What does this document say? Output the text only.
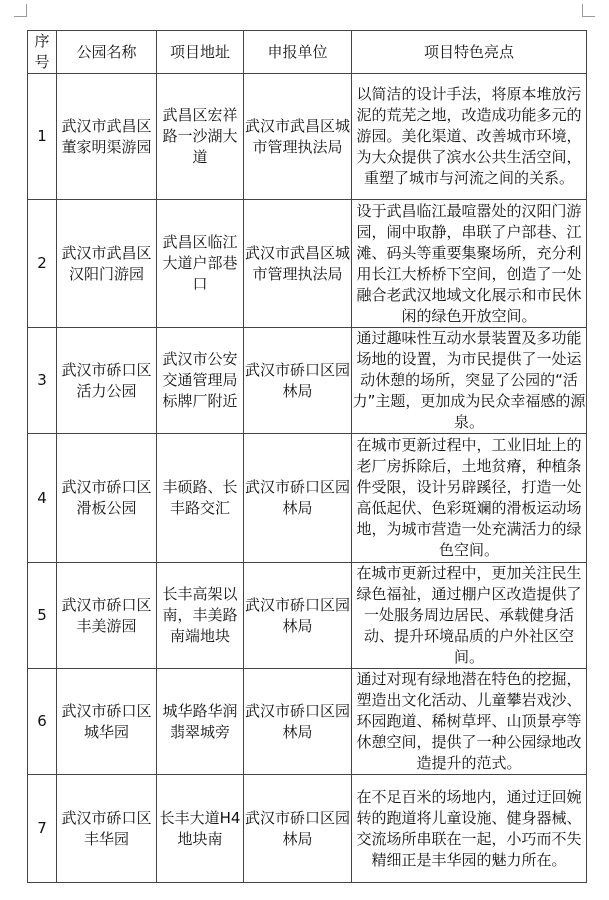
序号	公园名称	项目地址	申报单位	项目特色亮点
1	武汉市武昌区董家明渠游园	武昌区宏祥路一沙湖大道	武汉市武昌区城市管理执法局	以简洁的设计手法，将原本堆放污泥的荒芜之地，改造成功能多元的游园。美化渠道、改善城市环境，为大众提供了滨水公共生活空间，重塑了城市与河流之间的关系。
2	武汉市武昌区汉阳门游园	武昌区临江大道户部巷口	武汉市武昌区城市管理执法局	设于武昌临江最喧嚣处的汉阳门游园，闹中取静，串联了户部巷、江滩、码头等重要集聚场所，充分利用长江大桥桥下空间，创造了一处融合老武汉地域文化展示和市民休闲的绿色开放空间。
3	武汉市硚口区活力公园	武汉市公安交通管理局标牌厂附近	武汉市硚口区园林局	通过趣味性互动水景装置及多功能场地的设置，为市民提供了一处运动休憩的场所，突显了公园的“活力”主题，更加成为民众幸福感的源泉。
4	武汉市硚口区滑板公园	丰硕路、长丰路交汇	武汉市硚口区园林局	在城市更新过程中，工业旧址上的老厂房拆除后，土地贫瘠，种植条件受限，设计另辟蹊径，打造一处高低起伏、色彩斑斓的滑板运动场地，为城市营造一处充满活力的绿色空间。
5	武汉市硚口区丰美游园	长丰高架以南，丰美路南端地块	武汉市硚口区园林局	在城市更新过程中，更加关注民生绿色福祉，通过棚户区改造提供了一处服务周边居民、承载健身活动、提升环境品质的户外社区空间。
6	武汉市硚口区城华园	城华路华润翡翠城旁	武汉市硚口区园林局	通过对现有绿地潜在特色的挖掘，塑造出文化活动、儿童攀岩戏沙、环园跑道、稀树草坪、山顶景亭等休憩空间，提供了一种公园绿地改造提升的范式。
7	武汉市硚口区丰华园	长丰大道H4 地块南	武汉市硚口区园林局	在不足百米的场地内，通过迂回婉转的跑道将儿童设施、健身器械、交流场所串联在一起，小巧而不失精细正是丰华园的魅力所在。
